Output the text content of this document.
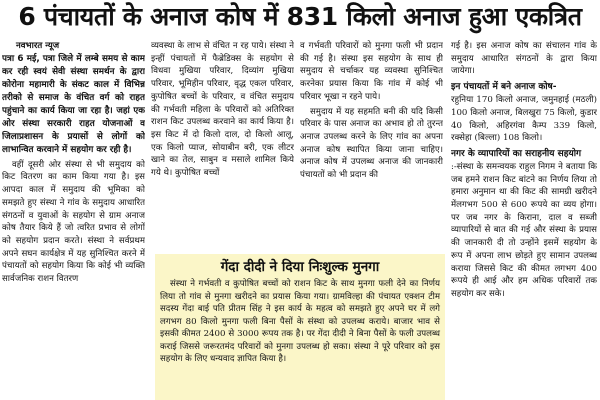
6 पंचायतों के अनाज कोष में 831 किलो अनाज हुआ एकत्रित
नवभारत न्यूज

पत्रा 6 मई, पत्रा जिले में लम्बे समय से काम कर रही स्वयं सेवी संस्था समर्थन के द्वारा कोरोना महामारी के संकट काल में विभिन्न तरीको से समाज के वंचित वर्ग को राहत पहुंचाने का कार्य किया जा रहा है। जहां एक ओर संस्था सरकारी राहत योजनाओं व जिलाप्रशासन के प्रयासों से लोगों को लाभान्वित करवाने में सहयोग कर रही है।

वहीं दूसरी ओर संस्था से भी समुदाय को किट वितरण का काम किया गया है। इस आपदा काल में समुदाय की भूमिका को समझते हुए संस्था ने गांव के समुदाय आधारित संगठनों व युवाओं के सहयोग से ग्राम अनाज कोष तैयार किये हैं जो त्वरित प्रभाव से लोगों को सहयोग प्रदान करते। संस्था ने सर्वप्रथम अपने सघन कार्यक्षेत्र में यह सुनिश्चित करने में पंचायतों को सहयोग किया कि कोई भी व्यक्ति सार्वजनिक राशन वितरण

व्यवस्था के लाभ से वंचित न रह पाये। संस्था ने इन्हीं पंचायतों में फैब्रेडिक्स के सहयोग से विधवा मुखिया परिवार, दिव्यांग मुखिया परिवार, भूमिहीन परिवार, वृद्ध एकल परिवार, कुपोषित बच्चों के परिवार, व वंचित समुदाय की गर्भवती महिला के परिवारों को अतिरिक्त राशन किट उपलब्ध करवाने का कार्य किया है। इस किट में दो किलो दाल, दो किलो आलू, एक किलो प्याज, सोयाबीन बरी, एक लीटर खाने का तेल, साबुन व मसाले शामिल किये गये थे। कुपोषित बच्चों

व गर्भवती परिवारों को मुनगा फली भी प्रदान की गई है। संस्था इस सहयोग के साथ ही समुदाय से चर्चाकर यह व्यवस्था सुनिश्चित करनेका प्रयास किया कि गांव में कोई भी परिवार भूखा न रहने पाये।

समुदाय में यह सहमति बनी की यदि किसी परिवार के पास अनाज का अभाव हो तो तुरन्त अनाज उपलब्ध करने के लिए गांव का अपना अनाज कोष स्थापित किया जाना चाहिए। अनाज कोष में उपलब्ध अनाज की जानकारी पंचायतों को भी प्रदान की

गई है। इस अनाज कोष का संचालन गांव के समुदाय आधारित संगठनों के द्वारा किया जायेगा।

इन पंचायतों में बने अनाज कोष-

रहुनिया 170 किलो अनाज, जमुनहाई (मठली) 100 किलो अनाज, बिलखुरा 75 किलो, कुडार 40 किलो, अहिरगंवा कैम्प 339 किलो, रक्सेहा (बिल्ला) 108 किलो।

नगर के व्यापारियों का सराहनीय सहयोग

:-संस्था के समन्वयक राहुल निगम ने बताया कि जब हमने राशन किट बांटने का निर्णय लिया तो हमारा अनुमान था की किट की सामग्री खरीदने मेंलगभग 500 से 600 रूपये का व्यय होगा। पर जब नगर के किराना, दाल व सब्जी व्यापारियों से बात की गई और संस्था के प्रयास की जानकारी दी तो उन्होंने इसमें सहयोग के रूप में अपना लाभ छोड़ते हुए सामान उपलब्ध कराया जिससे किट की कीमत लगभग 400 रूपये ही आई और हम अधिक परिवारों तक सहयोग कर सके।

गेंदा दीदी ने दिया निःशुल्क मुनगा
संस्था ने गर्भवती व कुपोषित बच्चों को राशन किट के साथ मुनगा फली देने का निर्णय लिया तो गांव से मुनगा खरीदने का प्रयास किया गया। ग्रामविल्हा की पंचायत एक्शन टीम सदस्य गेंदा बाई पति प्रीतम सिंह ने इस कार्य के महत्व को समझते हुए अपने घर में लगे लगभग 80 किलो मुनगा फली बिना पैसों के संस्था को उपलब्ध कराये। बाजार भाव से इसकी कीमत 2400 से 3000 रूपय तक है। पर गेंदा दीदी ने बिना पैसों के फली उपलब्ध कराई जिससे जरूरतमंद परिवारों को मुनगा उपलब्ध हो सका। संस्था ने पूरे परिवार को इस सहयोग के लिए धन्यवाद ज्ञापित किया है।
